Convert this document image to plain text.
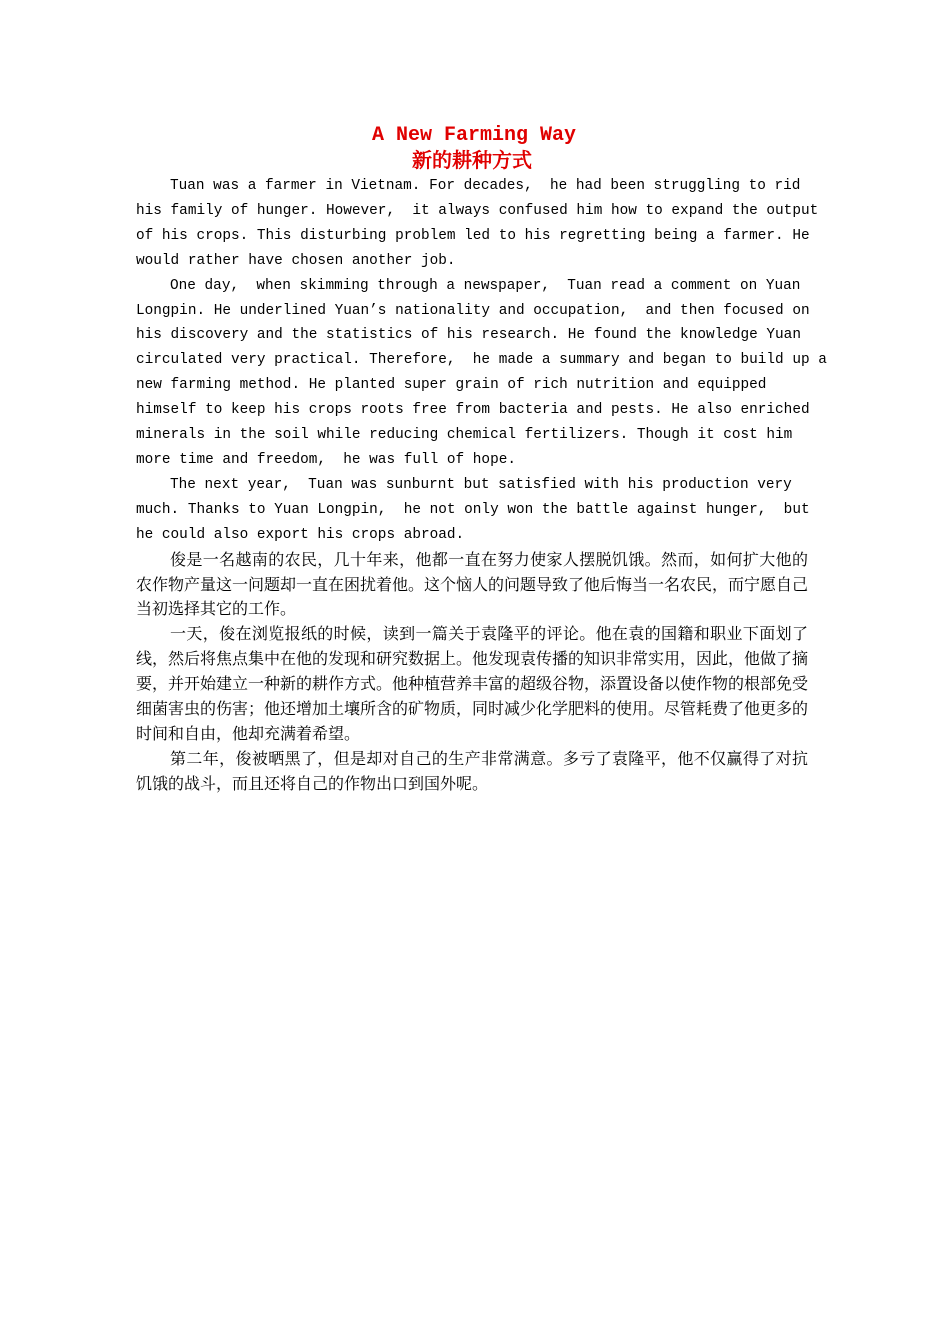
A New Farming Way
新的耕种方式

Tuan was a farmer in Vietnam. For decades,  he had been struggling to rid
his family of hunger. However,  it always confused him how to expand the output
of his crops. This disturbing problem led to his regretting being a farmer. He
would rather have chosen another job.

One day,  when skimming through a newspaper,  Tuan read a comment on Yuan
Longpin. He underlined Yuan’s nationality and occupation,  and then focused on
his discovery and the statistics of his research. He found the knowledge Yuan
circulated very practical. Therefore,  he made a summary and began to build up a
new farming method. He planted super grain of rich nutrition and equipped
himself to keep his crops roots free from bacteria and pests. He also enriched
minerals in the soil while reducing chemical fertilizers. Though it cost him
more time and freedom,  he was full of hope.

The next year,  Tuan was sunburnt but satisfied with his production very
much. Thanks to Yuan Longpin,  he not only won the battle against hunger,  but
he could also export his crops abroad.

俊是一名越南的农民，几十年来，他都一直在努力使家人摆脱饥饿。然而，如何扩大他的农作物产量这一问题却一直在困扰着他。这个恼人的问题导致了他后悔当一名农民，而宁愿自己当初选择其它的工作。

一天，俊在浏览报纸的时候，读到一篇关于袁隆平的评论。他在袁的国籍和职业下面划了线，然后将焦点集中在他的发现和研究数据上。他发现袁传播的知识非常实用，因此，他做了摘要，并开始建立一种新的耕作方式。他种植营养丰富的超级谷物，添置设备以使作物的根部免受细菌害虫的伤害；他还增加土壤所含的矿物质，同时减少化学肥料的使用。尽管耗费了他更多的时间和自由，他却充满着希望。

第二年，俊被晒黑了，但是却对自己的生产非常满意。多亏了袁隆平，他不仅赢得了对抗饥饿的战斗，而且还将自己的作物出口到国外呢。
